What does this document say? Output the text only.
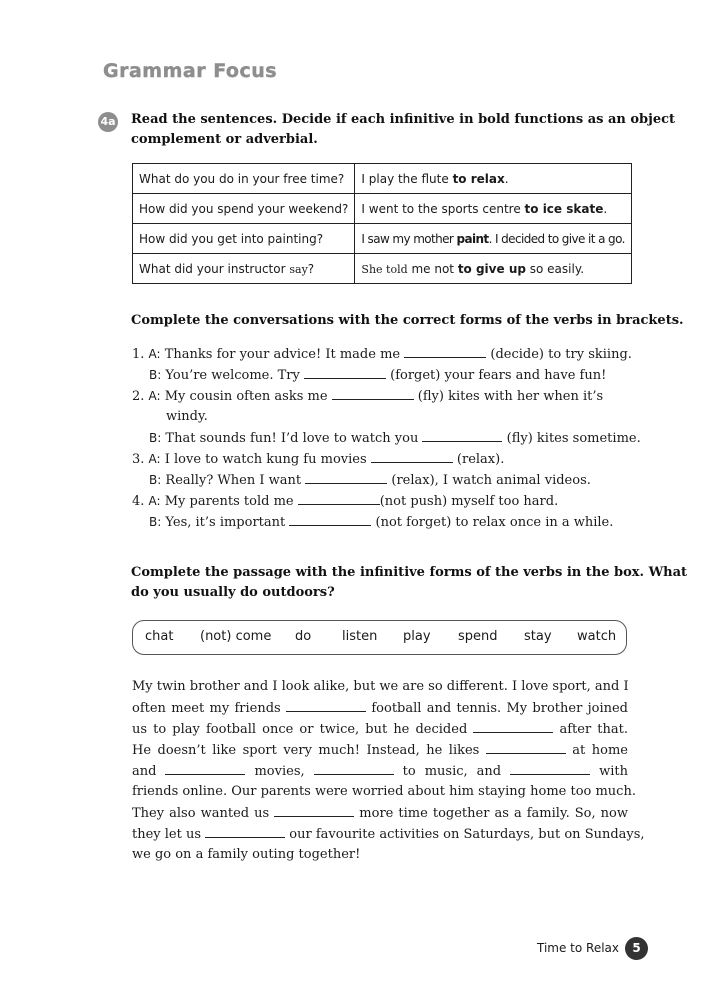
Grammar Focus
4a Read the sentences. Decide if each infinitive in bold functions as an object
complement or adverbial.
What do you do in your free time?	I play the flute to relax.
How did you spend your weekend?	I went to the sports centre to ice skate.
How did you get into painting?	I saw my mother paint. I decided to give it a go.
What did your instructor say?	She told me not to give up so easily.
Complete the conversations with the correct forms of the verbs in brackets.
1. A: Thanks for your advice! It made me	(decide) to try skiing.
B: You’re welcome. Try	(forget) your fears and have fun!
2. A: My cousin often asks me	(fly) kites with her when it’s
windy.
B: That sounds fun! I’d love to watch you	(fly) kites sometime.
3. A: I love to watch kung fu movies	(relax).
B: Really? When I want	(relax), I watch animal videos.
4. A: My parents told me	(not push) myself too hard.
B: Yes, it’s important	(not forget) to relax once in a while.
Complete the passage with the infinitive forms of the verbs in the box. What
do you usually do outdoors?
chat (not) come do listen play spend stay watch
My twin brother and I look alike, but we are so different. I love sport, and I
often meet my friends	football and tennis. My brother joined
us to play football once or twice, but he decided	after that.
He doesn’t like sport very much! Instead, he likes	at home
and	movies,	to music, and	with
friends online. Our parents were worried about him staying home too much.
They also wanted us	more time together as a family. So, now
they let us	our favourite activities on Saturdays, but on Sundays,
we go on a family outing together!
Time to Relax	5
